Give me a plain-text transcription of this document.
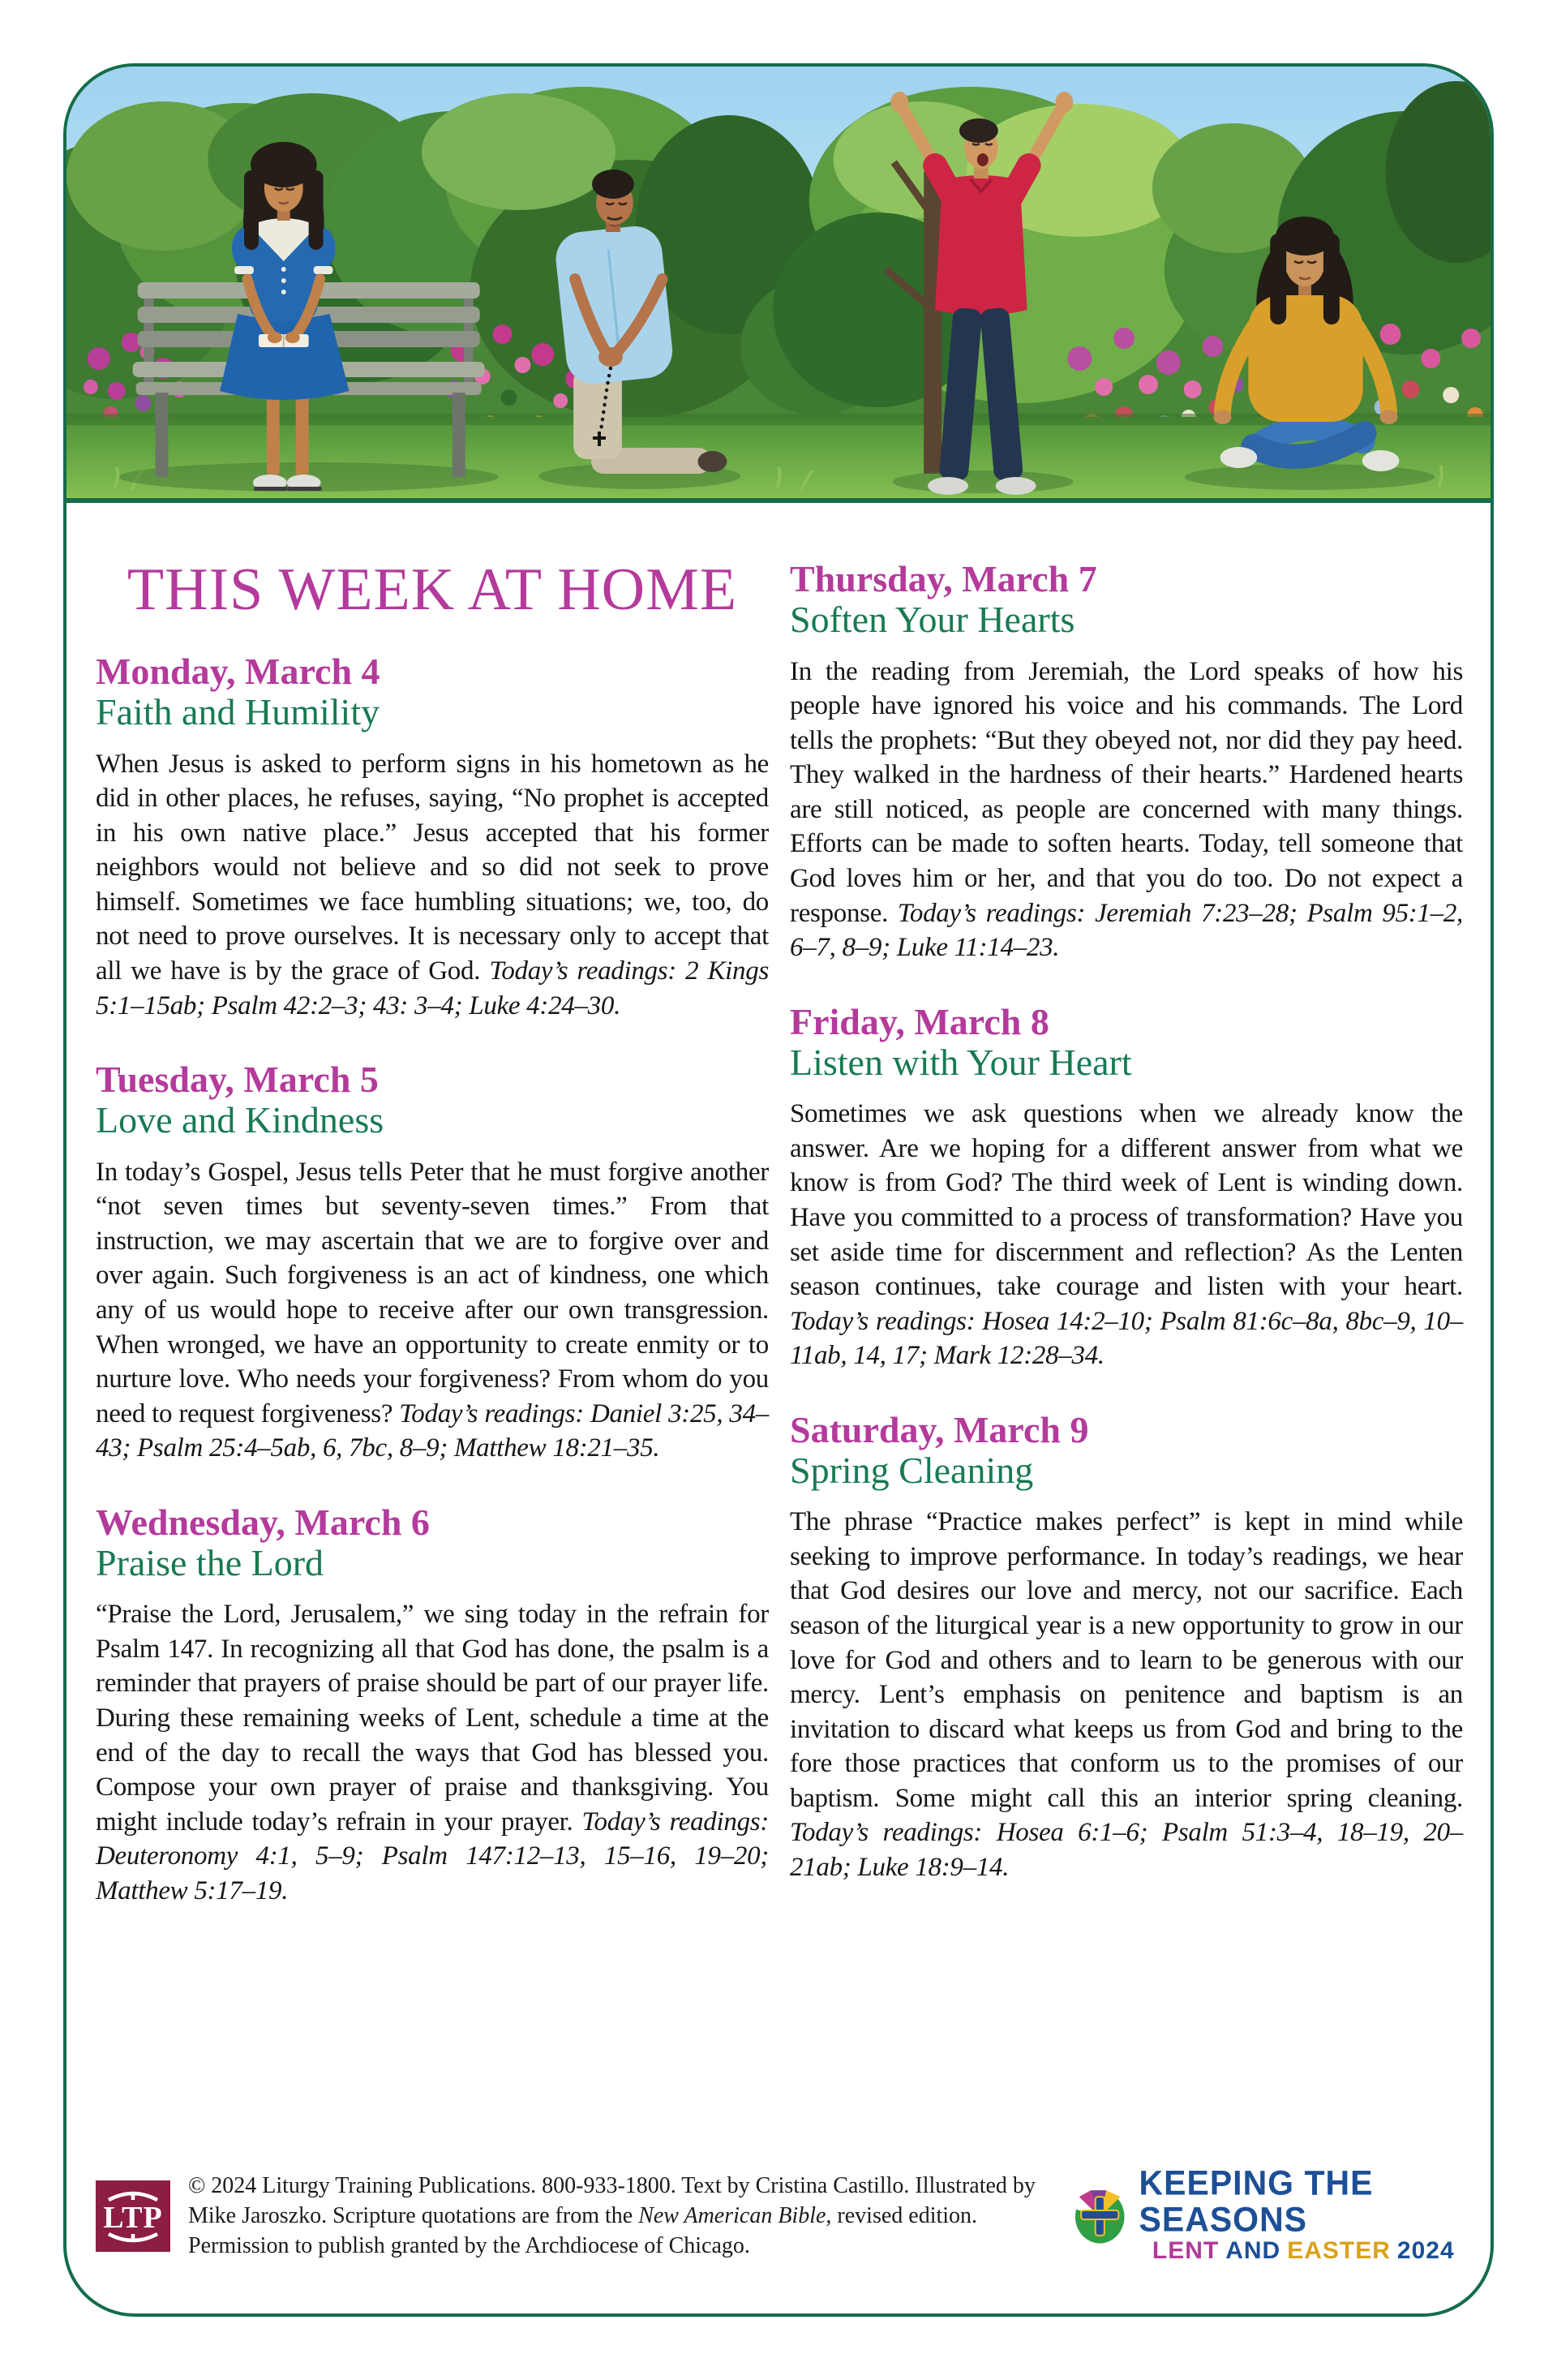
THIS WEEK AT HOME
Monday, March 4
Faith and Humility

When Jesus is asked to perform signs in his hometown as he did in other places, he refuses, saying, “No prophet is accepted in his own native place.” Jesus accepted that his former neighbors would not believe and so did not seek to prove himself. Sometimes we face humbling situations; we, too, do not need to prove ourselves. It is necessary only to accept that all we have is by the grace of God. Today’s readings: 2 Kings 5:1–15ab; Psalm 42:2–3; 43: 3–4; Luke 4:24–30.

Tuesday, March 5
Love and Kindness

In today’s Gospel, Jesus tells Peter that he must forgive another “not seven times but seventy-seven times.” From that instruction, we may ascertain that we are to forgive over and over again. Such forgiveness is an act of kindness, one which any of us would hope to receive after our own transgression. When wronged, we have an opportunity to create enmity or to nurture love. Who needs your forgiveness? From whom do you need to request forgiveness? Today’s readings: Daniel 3:25, 34–43; Psalm 25:4–5ab, 6, 7bc, 8–9; Matthew 18:21–35.

Wednesday, March 6
Praise the Lord

“Praise the Lord, Jerusalem,” we sing today in the refrain for Psalm 147. In recognizing all that God has done, the psalm is a reminder that prayers of praise should be part of our prayer life. During these remaining weeks of Lent, schedule a time at the end of the day to recall the ways that God has blessed you. Compose your own prayer of praise and thanksgiving. You might include today’s refrain in your prayer. Today’s readings: Deuteronomy 4:1, 5–9; Psalm 147:12–13, 15–16, 19–20; Matthew 5:17–19.

Thursday, March 7
Soften Your Hearts

In the reading from Jeremiah, the Lord speaks of how his people have ignored his voice and his commands. The Lord tells the prophets: “But they obeyed not, nor did they pay heed. They walked in the hardness of their hearts.” Hardened hearts are still noticed, as people are concerned with many things. Efforts can be made to soften hearts. Today, tell someone that God loves him or her, and that you do too. Do not expect a response. Today’s readings: Jeremiah 7:23–28; Psalm 95:1–2, 6–7, 8–9; Luke 11:14–23.

Friday, March 8
Listen with Your Heart

Sometimes we ask questions when we already know the answer. Are we hoping for a different answer from what we know is from God? The third week of Lent is winding down. Have you committed to a process of transformation? Have you set aside time for discernment and reflection? As the Lenten season continues, take courage and listen with your heart. Today’s readings: Hosea 14:2–10; Psalm 81:6c–8a, 8bc–9, 10–11ab, 14, 17; Mark 12:28–34.

Saturday, March 9
Spring Cleaning

The phrase “Practice makes perfect” is kept in mind while seeking to improve performance. In today’s readings, we hear that God desires our love and mercy, not our sacrifice. Each season of the liturgical year is a new opportunity to grow in our love for God and others and to learn to be generous with our mercy. Lent’s emphasis on penitence and baptism is an invitation to discard what keeps us from God and bring to the fore those practices that conform us to the promises of our baptism. Some might call this an interior spring cleaning. Today’s readings: Hosea 6:1–6; Psalm 51:3–4, 18–19, 20–21ab; Luke 18:9–14.

LTP

© 2024 Liturgy Training Publications. 800-933-1800. Text by Cristina Castillo. Illustrated by Mike Jaroszko. Scripture quotations are from the New American Bible, revised edition. Permission to publish granted by the Archdiocese of Chicago.

KEEPING THE SEASONS
LENT AND EASTER 2024
